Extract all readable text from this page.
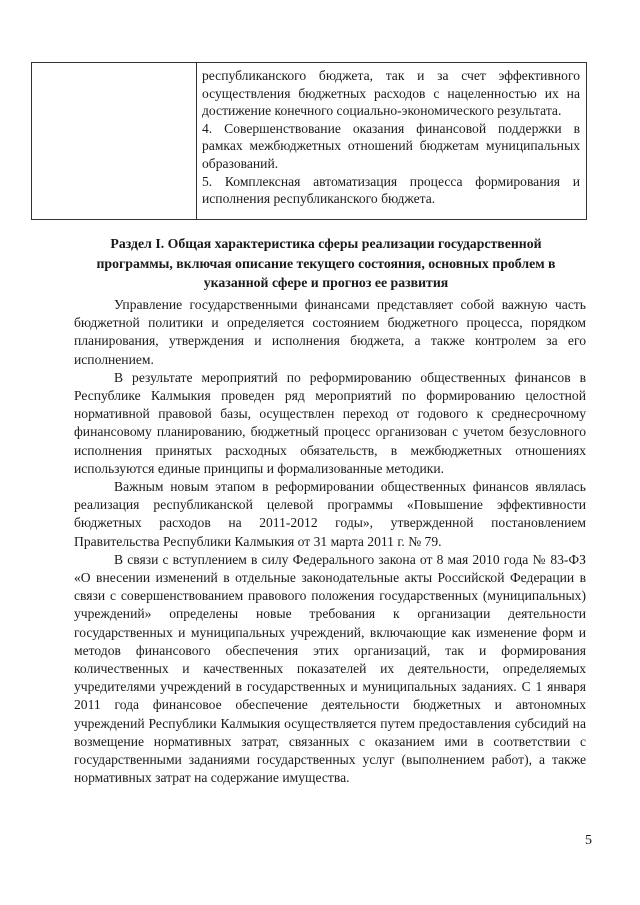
республиканского бюджета, так и за счет эффективного осуществления бюджетных расходов с нацеленностью их на достижение конечного социально-экономического результата.

4. Совершенствование оказания финансовой поддержки в рамках межбюджетных отношений бюджетам муниципальных образований.

5. Комплексная автоматизация процесса формирования и исполнения республиканского бюджета.

Раздел I. Общая характеристика сферы реализации государственной
программы, включая описание текущего состояния, основных проблем в
указанной сфере и прогноз ее развития

Управление государственными финансами представляет собой важную часть бюджетной политики и определяется состоянием бюджетного процесса, порядком планирования, утверждения и исполнения бюджета, а также контролем за его исполнением.

В результате мероприятий по реформированию общественных финансов в Республике Калмыкия проведен ряд мероприятий по формированию целостной нормативной правовой базы, осуществлен переход от годового к среднесрочному финансовому планированию, бюджетный процесс организован с учетом безусловного исполнения принятых расходных обязательств, в межбюджетных отношениях используются единые принципы и формализованные методики.

Важным новым этапом в реформировании общественных финансов являлась реализация республиканской целевой программы «Повышение эффективности бюджетных расходов на 2011-2012 годы», утвержденной постановлением Правительства Республики Калмыкия от 31 марта 2011 г. № 79.

В связи с вступлением в силу Федерального закона от 8 мая 2010 года № 83-ФЗ «О внесении изменений в отдельные законодательные акты Российской Федерации в связи с совершенствованием правового положения государственных (муниципальных) учреждений» определены новые требования к организации деятельности государственных и муниципальных учреждений, включающие как изменение форм и методов финансового обеспечения этих организаций, так и формирования количественных и качественных показателей их деятельности, определяемых учредителями учреждений в государственных и муниципальных заданиях. С 1 января 2011 года финансовое обеспечение деятельности бюджетных и автономных учреждений Республики Калмыкия осуществляется путем предоставления субсидий на возмещение нормативных затрат, связанных с оказанием ими в соответствии с государственными заданиями государственных услуг (выполнением работ), а также нормативных затрат на содержание имущества.

5
